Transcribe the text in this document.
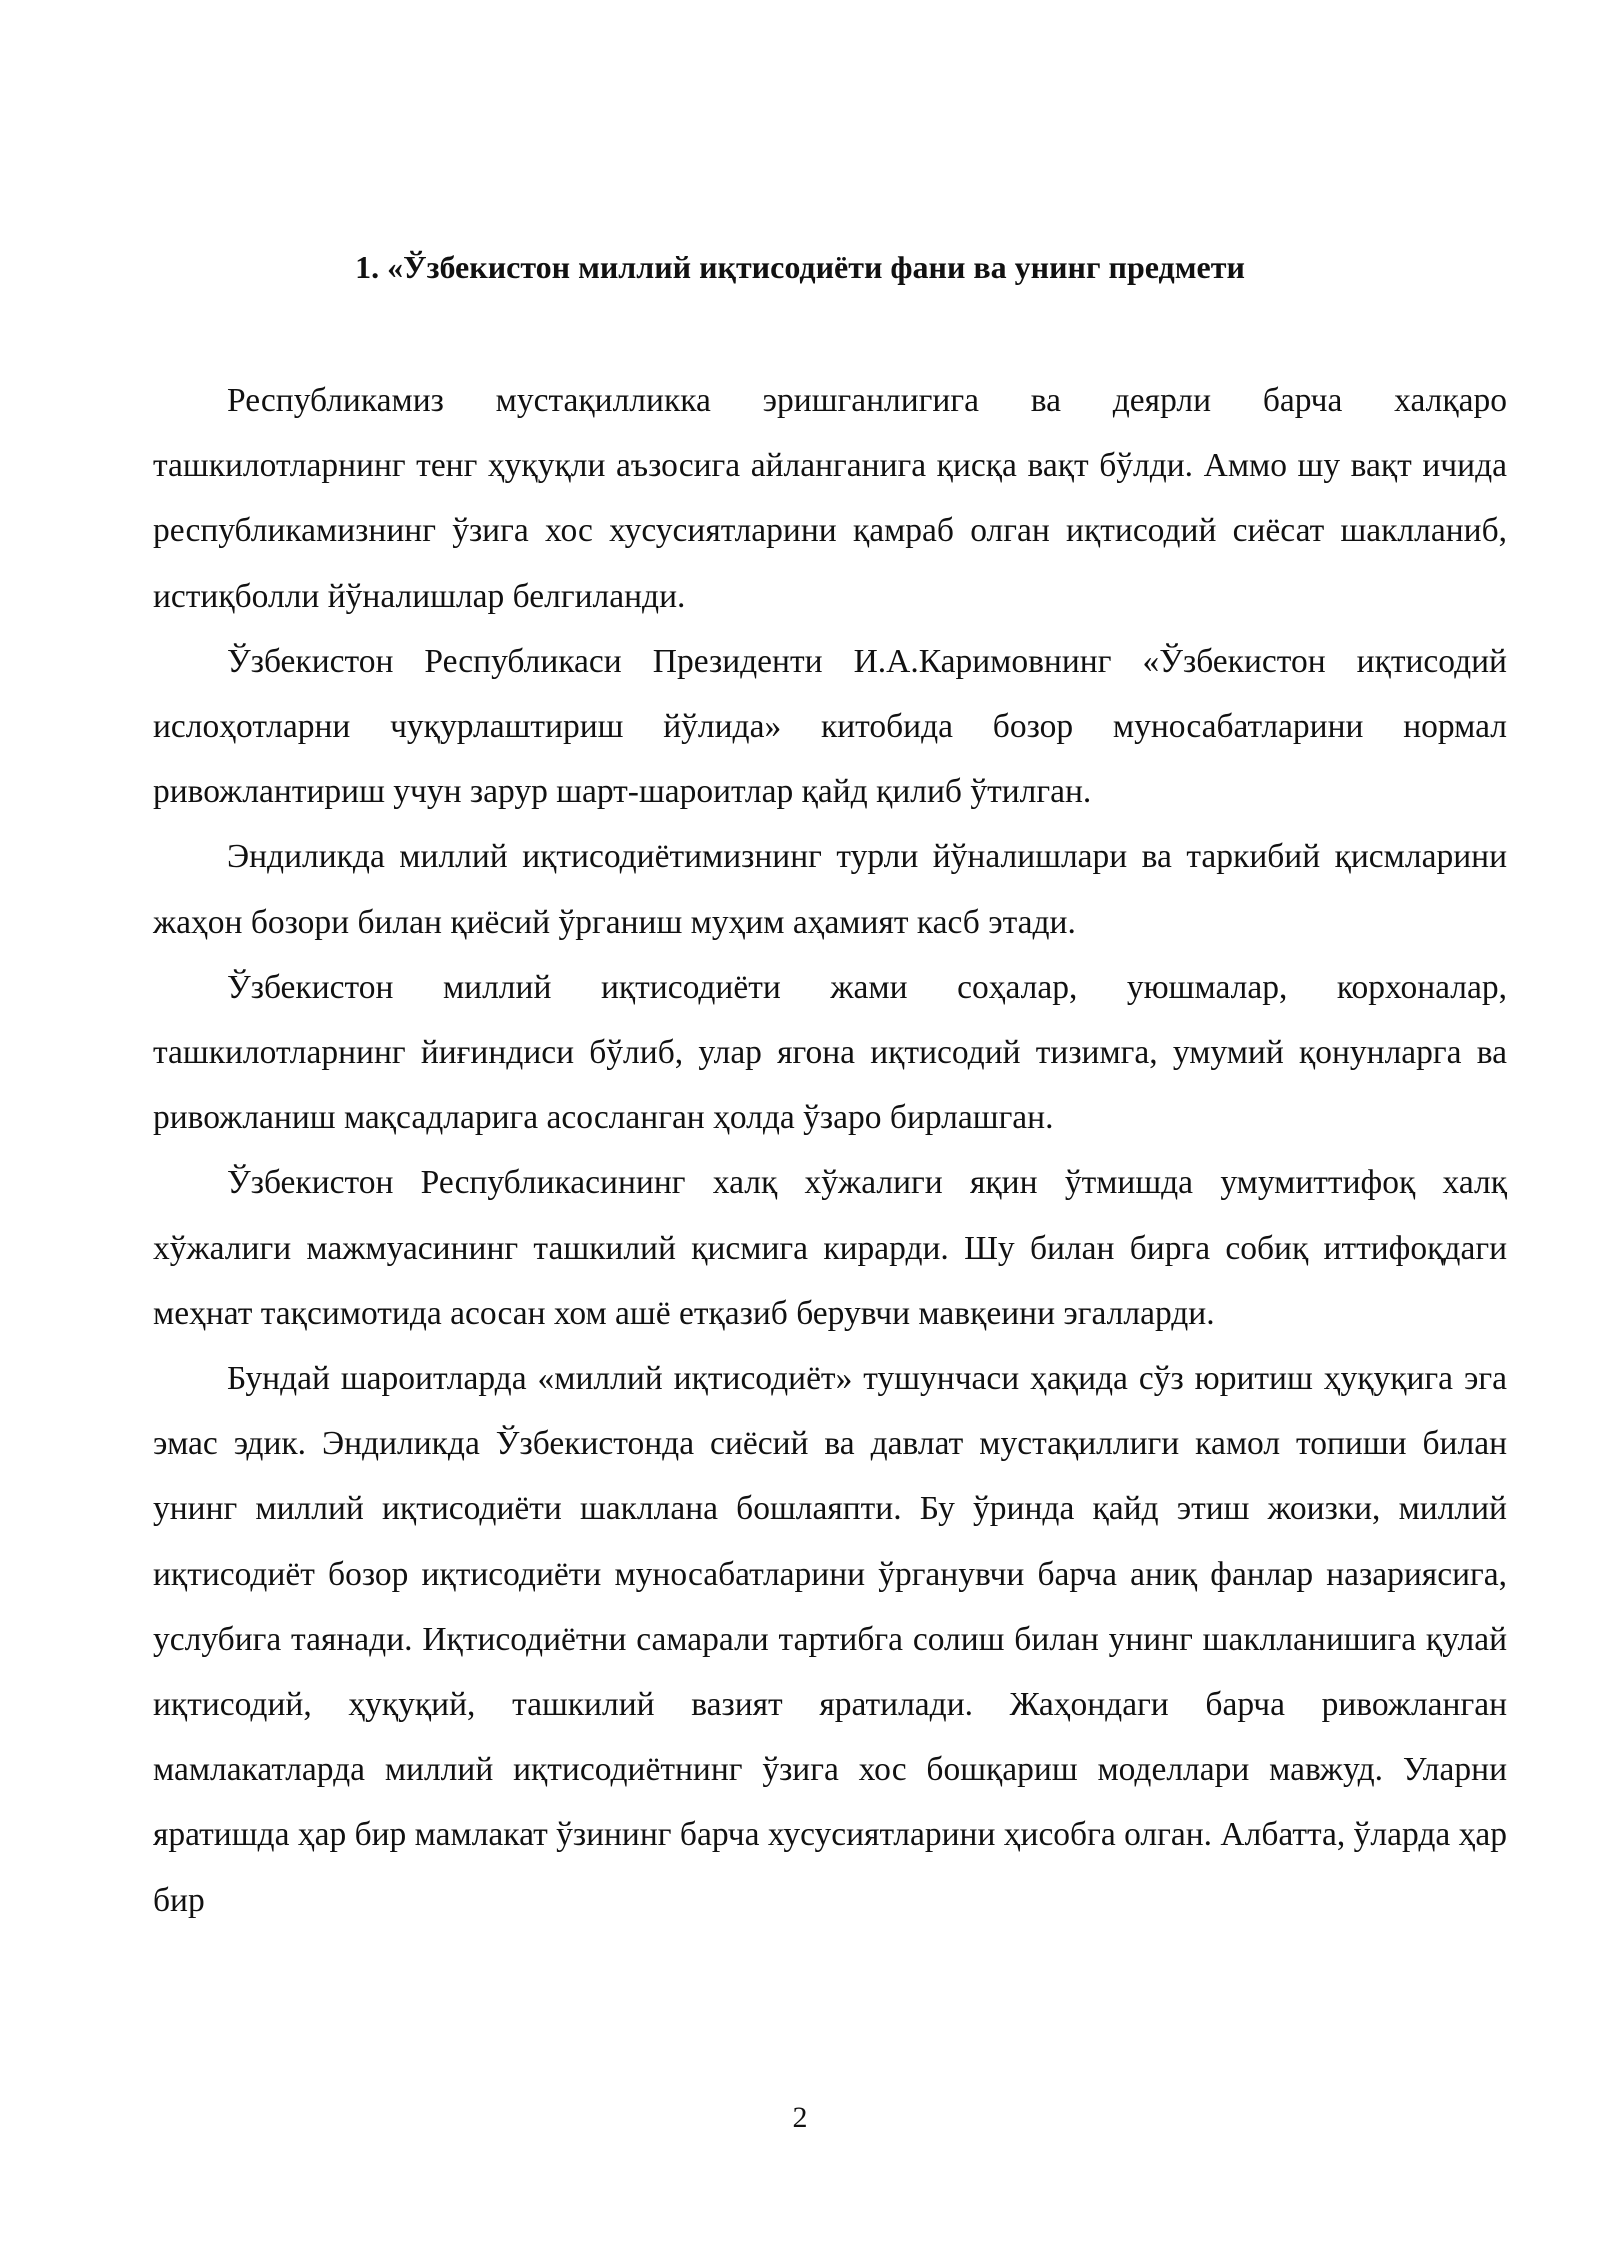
1. «Ўзбекистон миллий иқтисодиёти фани ва унинг предмети

Республикамиз мустақилликка эришганлигига ва деярли барча халқаро ташкилотларнинг тенг ҳуқуқли аъзосига айланганига қисқа вақт бўлди. Аммо шу вақт ичида республикамизнинг ўзига хос хусусиятларини қамраб олган иқтисодий сиёсат шаклланиб, истиқболли йўналишлар белгиланди.

Ўзбекистон Республикаси Президенти И.А.Каримовнинг «Ўзбекистон иқтисодий ислоҳотларни чуқурлаштириш йўлида» китобида бозор муносабатларини нормал ривожлантириш учун зарур шарт-шароитлар қайд қилиб ўтилган.

Эндиликда миллий иқтисодиётимизнинг турли йўналишлари ва таркибий қисмларини жаҳон бозори билан қиёсий ўрганиш муҳим аҳамият касб этади.

Ўзбекистон миллий иқтисодиёти жами соҳалар, уюшмалар, корхоналар, ташкилотларнинг йиғиндиси бўлиб, улар ягона иқтисодий тизимга, умумий қонунларга ва ривожланиш мақсадларига асосланган ҳолда ўзаро бирлашган.

Ўзбекистон Республикасининг халқ хўжалиги яқин ўтмишда умумиттифоқ халқ хўжалиги мажмуасининг ташкилий қисмига кирарди. Шу билан бирга собиқ иттифоқдаги меҳнат тақсимотида асосан хом ашё етқазиб берувчи мавқеини эгалларди.

Бундай шароитларда «миллий иқтисодиёт» тушунчаси ҳақида сўз юритиш ҳуқуқига эга эмас эдик. Эндиликда Ўзбекистонда сиёсий ва давлат мустақиллиги камол топиши билан унинг миллий иқтисодиёти шакллана бошлаяпти. Бу ўринда қайд этиш жоизки, миллий иқтисодиёт бозор иқтисодиёти муносабатларини ўрганувчи барча аниқ фанлар назариясига, услубига таянади. Иқтисодиётни самарали тартибга солиш билан унинг шаклланишига қулай иқтисодий, ҳуқуқий, ташкилий вазият яратилади. Жаҳондаги барча ривожланган мамлакатларда миллий иқтисодиётнинг ўзига хос бошқариш моделлари мавжуд. Уларни яратишда ҳар бир мамлакат ўзининг барча хусусиятларини ҳисобга олган. Албатта, ўларда ҳар бир

2
